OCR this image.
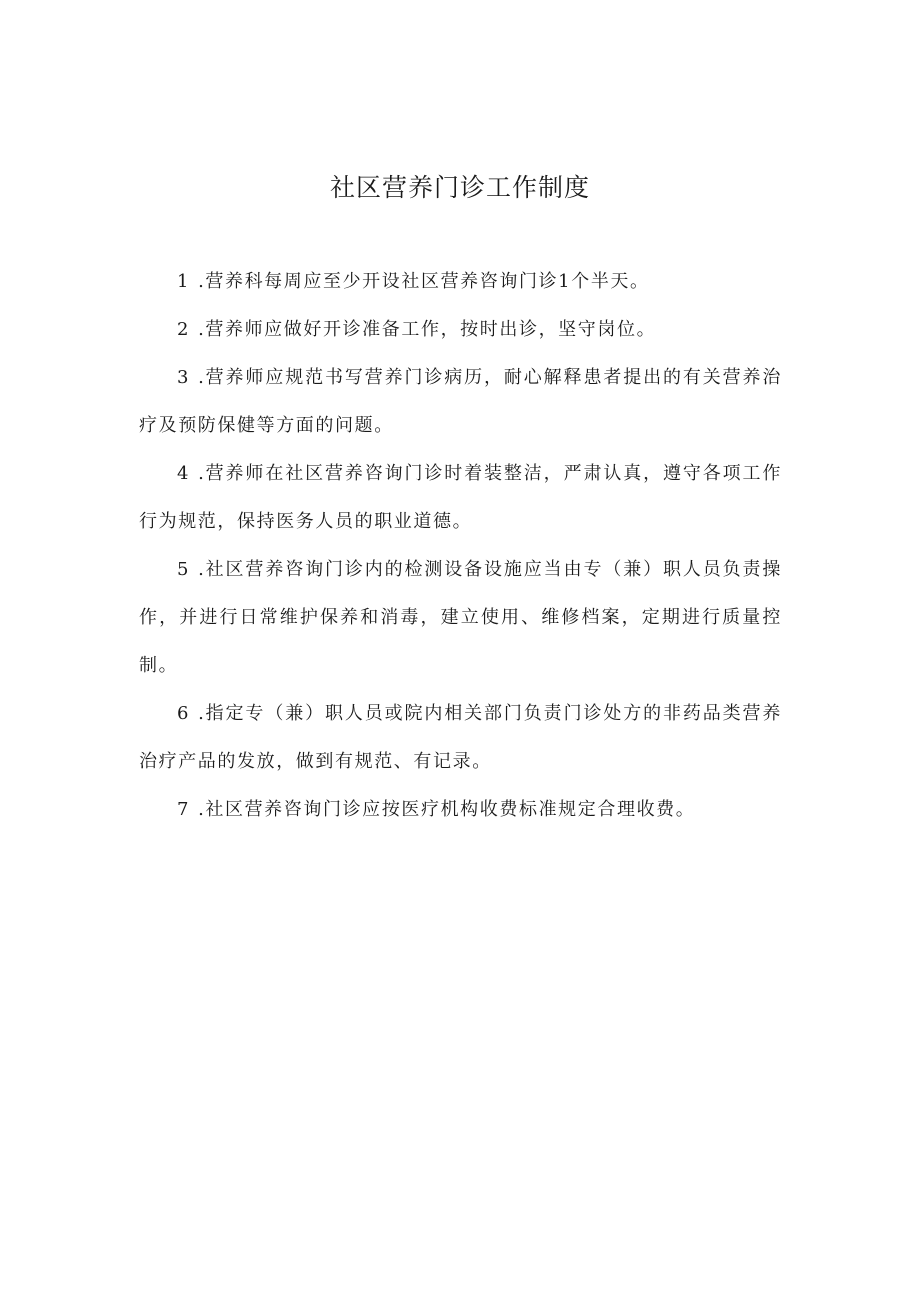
社区营养门诊工作制度

1 .营养科每周应至少开设社区营养咨询门诊1个半天。

2 .营养师应做好开诊准备工作，按时出诊，坚守岗位。

3 .营养师应规范书写营养门诊病历，耐心解释患者提出的有关营养治疗及预防保健等方面的问题。

4 .营养师在社区营养咨询门诊时着装整洁，严肃认真，遵守各项工作行为规范，保持医务人员的职业道德。

5 .社区营养咨询门诊内的检测设备设施应当由专（兼）职人员负责操作，并进行日常维护保养和消毒，建立使用、维修档案，定期进行质量控制。

6 .指定专（兼）职人员或院内相关部门负责门诊处方的非药品类营养治疗产品的发放，做到有规范、有记录。

7 .社区营养咨询门诊应按医疗机构收费标准规定合理收费。
